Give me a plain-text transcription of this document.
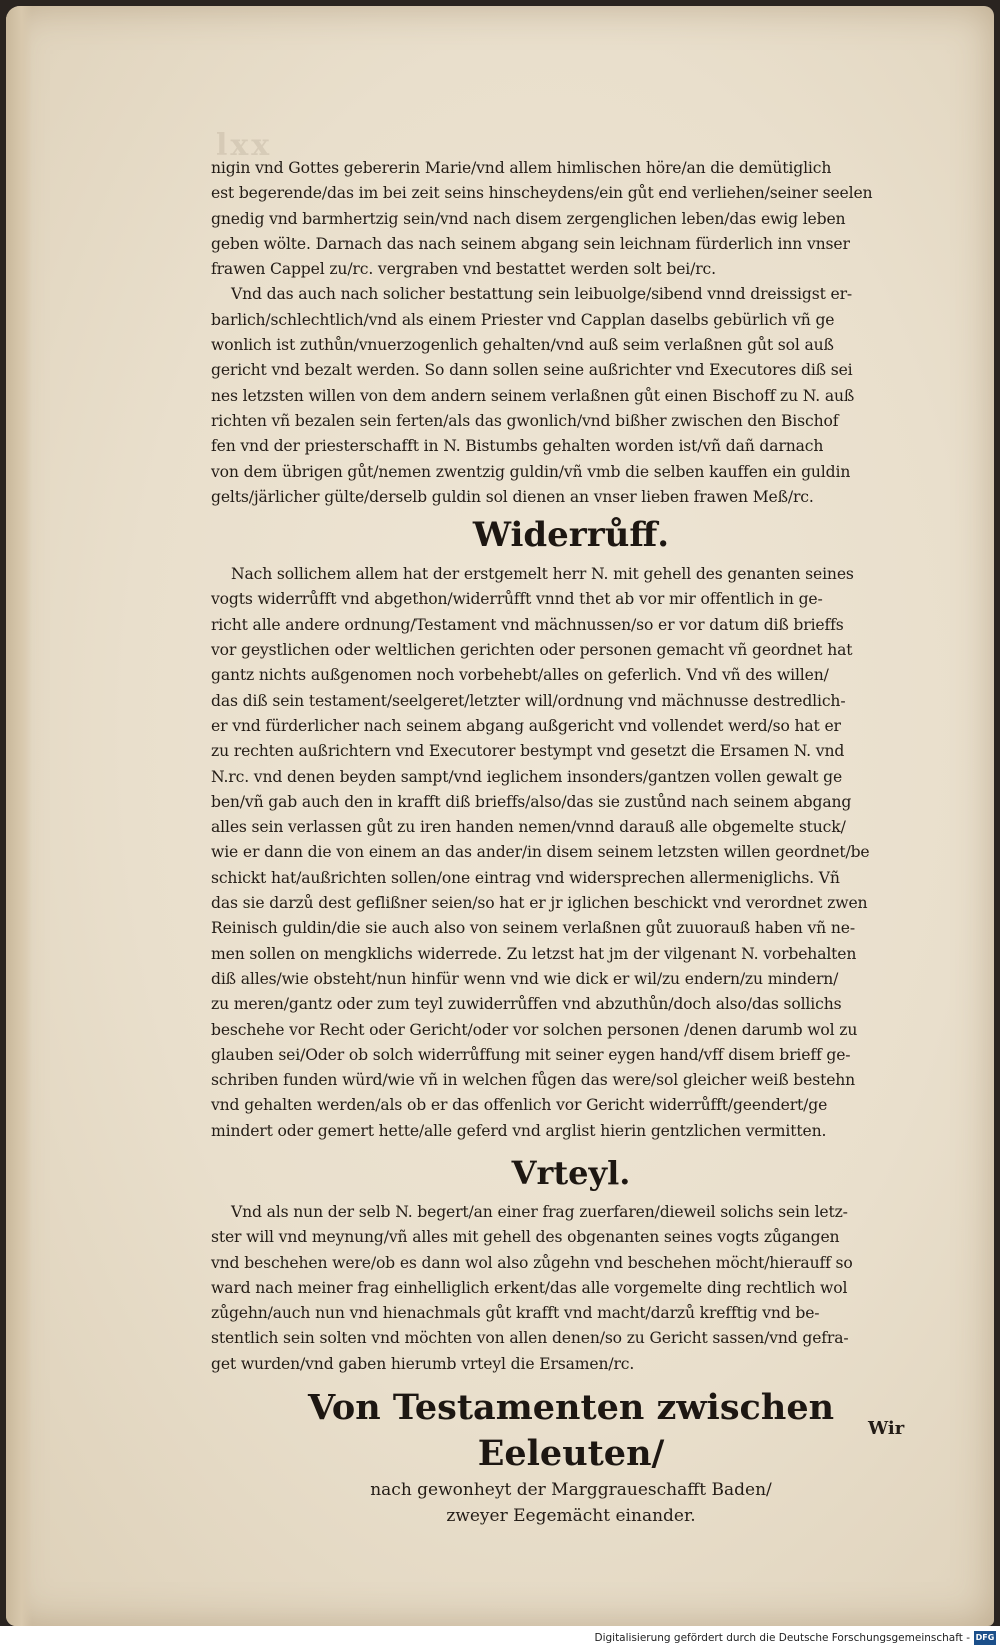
lxx
nigin vnd Gottes gebererin Marie/vnd allem himlischen höre/an die demütiglich
est begerende/das im bei zeit seins hinscheydens/ein gůt end verliehen/seiner seelen
gnedig vnd barmhertzig sein/vnd nach disem zergenglichen leben/das ewig leben
geben wölte. Darnach das nach seinem abgang sein leichnam fürderlich inn vnser
frawen Cappel zu/rc. vergraben vnd bestattet werden solt bei/rc.
Vnd das auch nach solicher bestattung sein leibuolge/sibend vnnd dreissigst er-
barlich/schlechtlich/vnd als einem Priester vnd Capplan daselbs gebürlich vñ ge
wonlich ist zuthůn/vnuerzogenlich gehalten/vnd auß seim verlaßnen gůt sol auß
gericht vnd bezalt werden. So dann sollen seine außrichter vnd Executores diß sei
nes letzsten willen von dem andern seinem verlaßnen gůt einen Bischoff zu N. auß
richten vñ bezalen sein ferten/als das gwonlich/vnd bißher zwischen den Bischof
fen vnd der priesterschafft in N. Bistumbs gehalten worden ist/vñ dañ darnach
von dem übrigen gůt/nemen zwentzig guldin/vñ vmb die selben kauffen ein guldin
gelts/järlicher gülte/derselb guldin sol dienen an vnser lieben frawen Meß/rc.
Widerrůff.
Nach sollichem allem hat der erstgemelt herr N. mit gehell des genanten seines
vogts widerrůfft vnd abgethon/widerrůfft vnnd thet ab vor mir offentlich in ge-
richt alle andere ordnung/Testament vnd mächnussen/so er vor datum diß brieffs
vor geystlichen oder weltlichen gerichten oder personen gemacht vñ geordnet hat
gantz nichts außgenomen noch vorbehebt/alles on geferlich. Vnd vñ des willen/
das diß sein testament/seelgeret/letzter will/ordnung vnd mächnusse destredlich-
er vnd fürderlicher nach seinem abgang außgericht vnd vollendet werd/so hat er
zu rechten außrichtern vnd Executorer bestympt vnd gesetzt die Ersamen N. vnd
N.rc. vnd denen beyden sampt/vnd ieglichem insonders/gantzen vollen gewalt ge
ben/vñ gab auch den in krafft diß brieffs/also/das sie zustůnd nach seinem abgang
alles sein verlassen gůt zu iren handen nemen/vnnd darauß alle obgemelte stuck/
wie er dann die von einem an das ander/in disem seinem letzsten willen geordnet/be
schickt hat/außrichten sollen/one eintrag vnd widersprechen allermeniglichs. Vñ
das sie darzů dest geflißner seien/so hat er jr iglichen beschickt vnd verordnet zwen
Reinisch guldin/die sie auch also von seinem verlaßnen gůt zuuorauß haben vñ ne-
men sollen on mengklichs widerrede. Zu letzst hat jm der vilgenant N. vorbehalten
diß alles/wie obsteht/nun hinfür wenn vnd wie dick er wil/zu endern/zu mindern/
zu meren/gantz oder zum teyl zuwiderrůffen vnd abzuthůn/doch also/das sollichs
beschehe vor Recht oder Gericht/oder vor solchen personen /denen darumb wol zu
glauben sei/Oder ob solch widerrůffung mit seiner eygen hand/vff disem brieff ge-
schriben funden würd/wie vñ in welchen fůgen das were/sol gleicher weiß bestehn
vnd gehalten werden/als ob er das offenlich vor Gericht widerrůfft/geendert/ge
mindert oder gemert hette/alle geferd vnd arglist hierin gentzlichen vermitten.
Vrteyl.
Vnd als nun der selb N. begert/an einer frag zuerfaren/dieweil solichs sein letz-
ster will vnd meynung/vñ alles mit gehell des obgenanten seines vogts zůgangen
vnd beschehen were/ob es dann wol also zůgehn vnd beschehen möcht/hierauff so
ward nach meiner frag einhelliglich erkent/das alle vorgemelte ding rechtlich wol
zůgehn/auch nun vnd hienachmals gůt krafft vnd macht/darzů krefftig vnd be-
stentlich sein solten vnd möchten von allen denen/so zu Gericht sassen/vnd gefra-
get wurden/vnd gaben hierumb vrteyl die Ersamen/rc.
Von Testamenten zwischen Eeleuten/
nach gewonheyt der Marggraueschafft Baden/
zweyer Eegemächt einander.
Wir
Digitalisierung gefördert durch die Deutsche Forschungsgemeinschaft - DFG
